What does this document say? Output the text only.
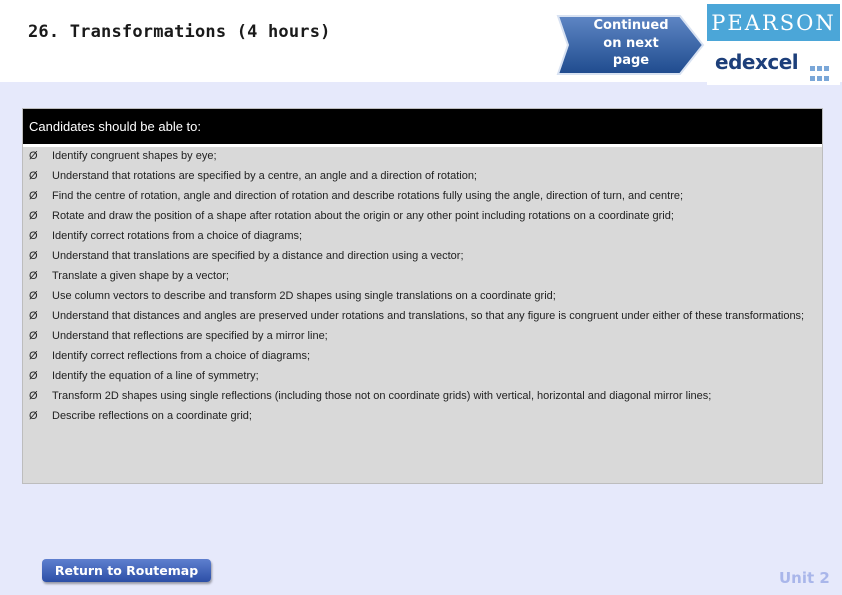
26. Transformations (4 hours)	Continued
on next
page
PEARSON
edexcel
Candidates should be able to:
Ø Identify congruent shapes by eye;
Ø Understand that rotations are specified by a centre, an angle and a direction of rotation;
Ø Find the centre of rotation, angle and direction of rotation and describe rotations fully using the angle, direction of turn, and centre;
Ø Rotate and draw the position of a shape after rotation about the origin or any other point including rotations on a coordinate grid;
Ø Identify correct rotations from a choice of diagrams;
Ø Understand that translations are specified by a distance and direction using a vector;
Ø Translate a given shape by a vector;
Ø Use column vectors to describe and transform 2D shapes using single translations on a coordinate grid;
Ø Understand that distances and angles are preserved under rotations and translations, so that any figure is congruent under either of these transformations;
Ø Understand that reflections are specified by a mirror line;
Ø Identify correct reflections from a choice of diagrams;
Ø Identify the equation of a line of symmetry;
Ø Transform 2D shapes using single reflections (including those not on coordinate grids) with vertical, horizontal and diagonal mirror lines;
Ø Describe reflections on a coordinate grid;
Return to Routemap	Unit 2
